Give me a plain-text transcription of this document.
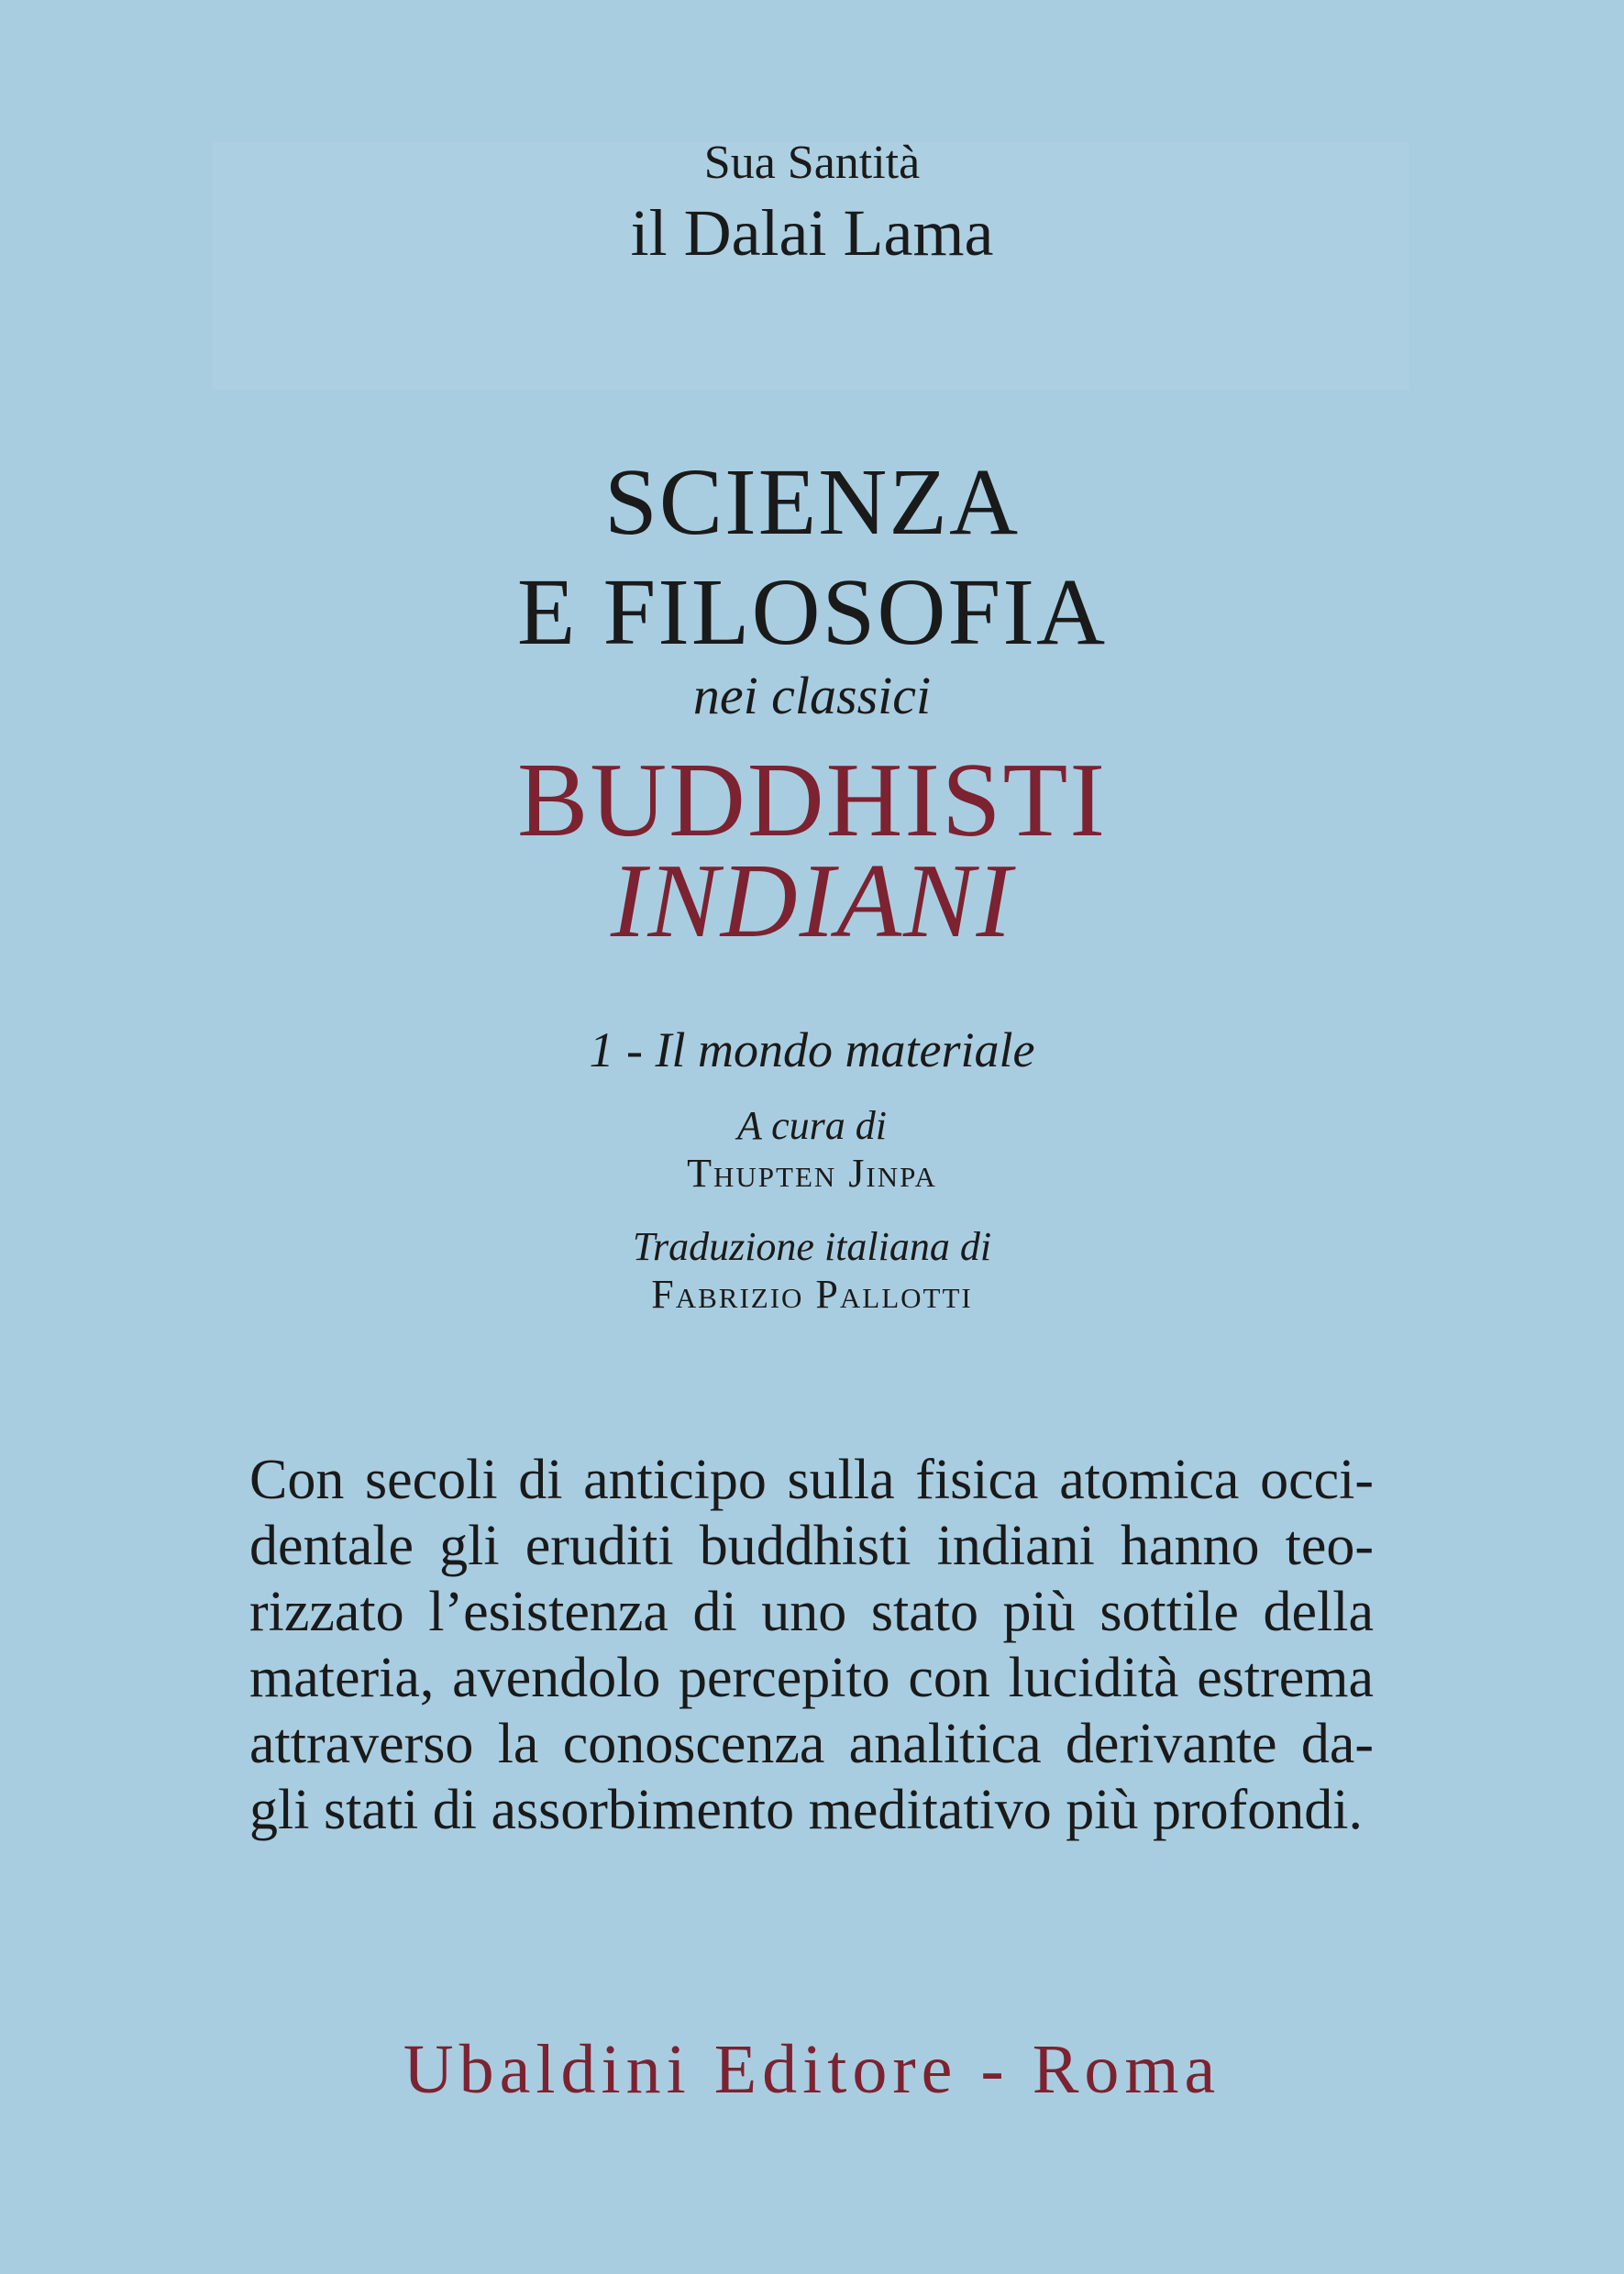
Sua Santità
il Dalai Lama
SCIENZA
E FILOSOFIA
nei classici
BUDDHISTI
INDIANI
1 - Il mondo materiale
A cura di
Thupten Jinpa
Traduzione italiana di
Fabrizio Pallotti
Con secoli di anticipo sulla fisica atomica occi-
dentale gli eruditi buddhisti indiani hanno teo-
rizzato l’esistenza di uno stato più sottile della
materia, avendolo percepito con lucidità estrema
attraverso la conoscenza analitica derivante da-
gli stati di assorbimento meditativo più profondi.
Ubaldini Editore - Roma
